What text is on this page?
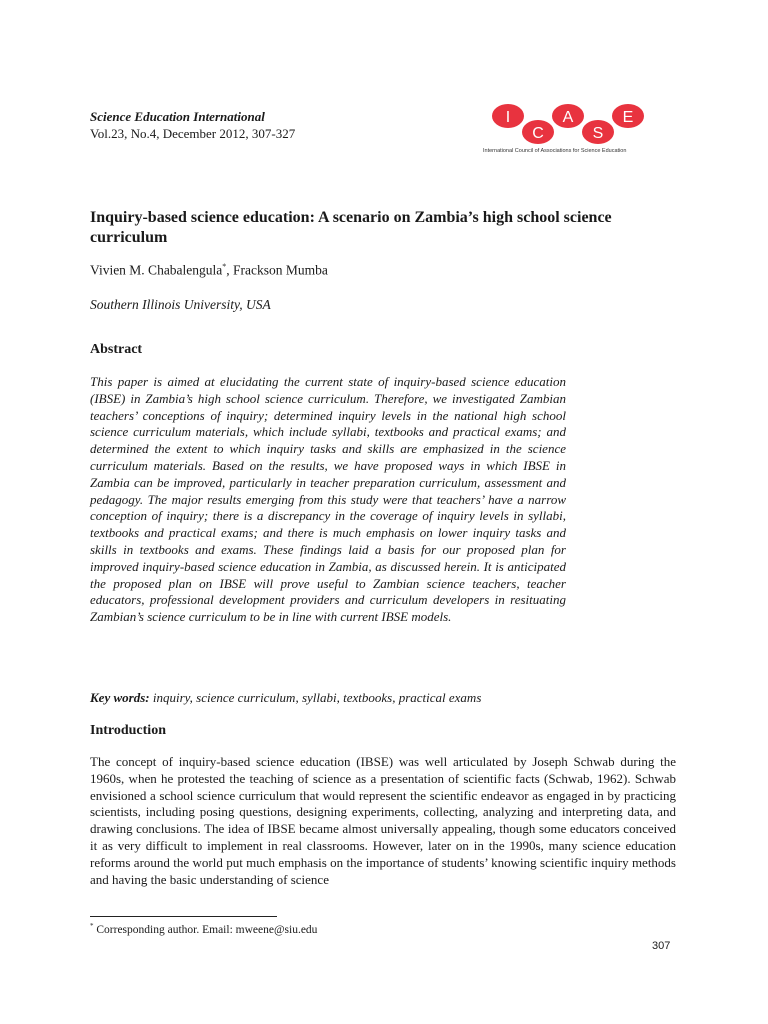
Science Education International
Vol.23, No.4, December 2012, 307-327
I
C
A
S
E
International Council of Associations for Science Education
Inquiry-based science education: A scenario on Zambia’s high school science curriculum
Vivien M. Chabalengula*, Frackson Mumba
Southern Illinois University, USA
Abstract

This paper is aimed at elucidating the current state of inquiry-based science education (IBSE) in Zambia’s high school science curriculum. Therefore, we investigated Zambian teachers’ conceptions of inquiry; determined inquiry levels in the national high school science curriculum materials, which include syllabi, textbooks and practical exams; and determined the extent to which inquiry tasks and skills are emphasized in the science curriculum materials. Based on the results, we have proposed ways in which IBSE in Zambia can be improved, particularly in teacher preparation curriculum, assessment and pedagogy. The major results emerging from this study were that teachers’ have a narrow conception of inquiry; there is a discrepancy in the coverage of inquiry levels in syllabi, textbooks and practical exams; and there is much emphasis on lower inquiry tasks and skills in textbooks and exams. These findings laid a basis for our proposed plan for improved inquiry-based science education in Zambia, as discussed herein. It is anticipated the proposed plan on IBSE will prove useful to Zambian science teachers, teacher educators, professional development providers and curriculum developers in resituating Zambian’s science curriculum to be in line with current IBSE models.

Key words: inquiry, science curriculum, syllabi, textbooks, practical exams
Introduction

The concept of inquiry-based science education (IBSE) was well articulated by Joseph Schwab during the 1960s, when he protested the teaching of science as a presentation of scientific facts (Schwab, 1962). Schwab envisioned a school science curriculum that would represent the scientific endeavor as engaged in by practicing scientists, including posing questions, designing experiments, collecting, analyzing and interpreting data, and drawing conclusions. The idea of IBSE became almost universally appealing, though some educators conceived it as very difficult to implement in real classrooms. However, later on in the 1990s, many science education reforms around the world put much emphasis on the importance of students’ knowing scientific inquiry methods and having the basic understanding of science

* Corresponding author. Email: mweene@siu.edu
307
